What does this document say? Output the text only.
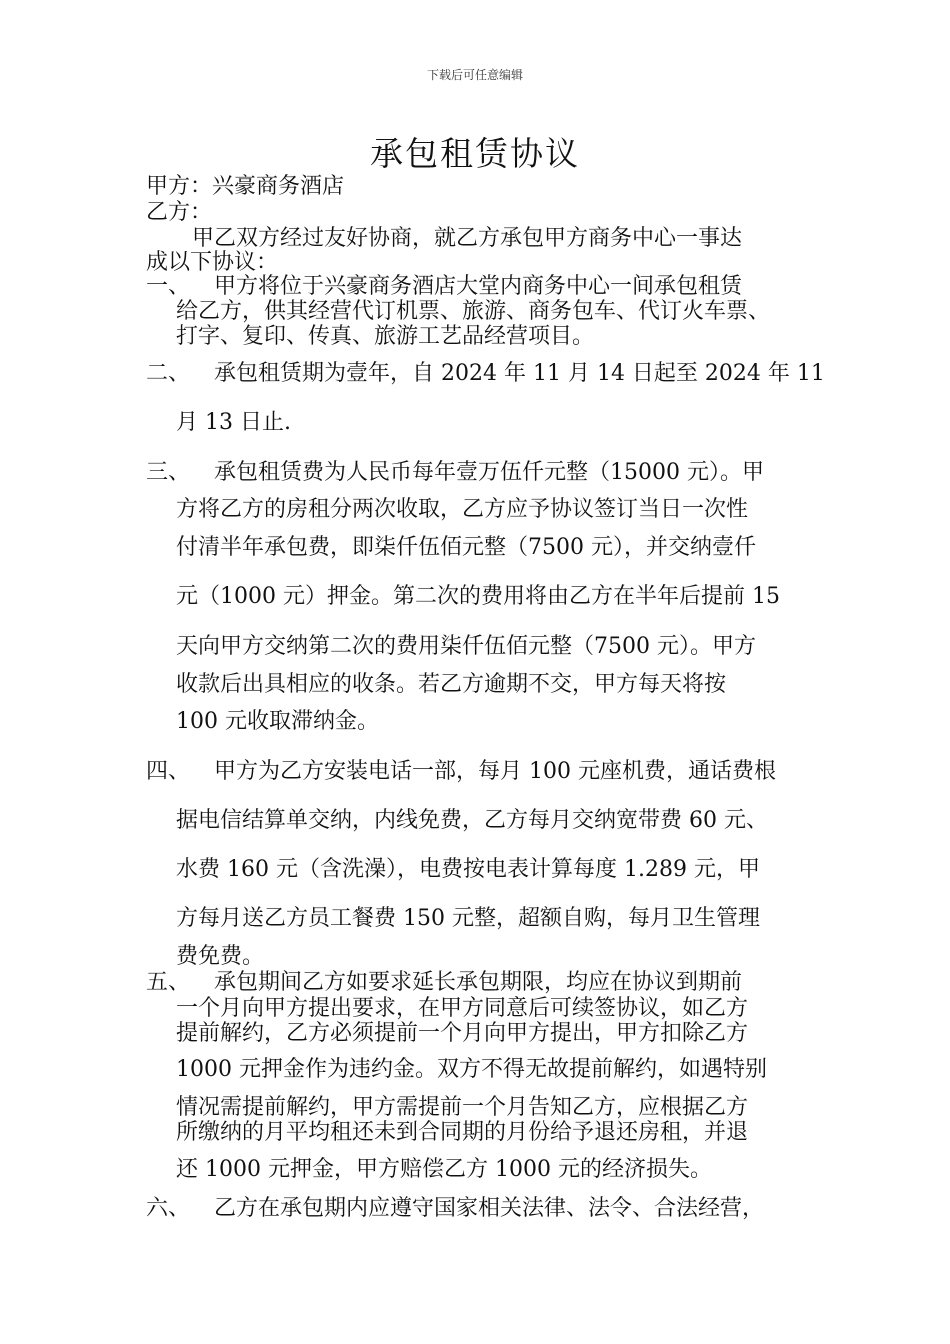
下载后可任意编辑
承包租赁协议
甲方：兴豪商务酒店
乙方：
甲乙双方经过友好协商，就乙方承包甲方商务中心一事达
成以下协议：
一、 甲方将位于兴豪商务酒店大堂内商务中心一间承包租赁
给乙方，供其经营代订机票、旅游、商务包车、代订火车票、
打字、复印、传真、旅游工艺品经营项目。
二、 承包租赁期为壹年，自 2024 年 11 月 14 日起至 2024 年 11
月 13 日止.
三、 承包租赁费为人民币每年壹万伍仟元整（15000 元）。甲
方将乙方的房租分两次收取，乙方应予协议签订当日一次性
付清半年承包费，即柒仟伍佰元整（7500 元），并交纳壹仟
元（1000 元）押金。第二次的费用将由乙方在半年后提前 15
天向甲方交纳第二次的费用柒仟伍佰元整（7500 元）。甲方
收款后出具相应的收条。若乙方逾期不交，甲方每天将按
100 元收取滞纳金。
四、 甲方为乙方安装电话一部，每月 100 元座机费，通话费根
据电信结算单交纳，内线免费，乙方每月交纳宽带费 60 元、
水费 160 元（含洗澡），电费按电表计算每度 1.289 元，甲
方每月送乙方员工餐费 150 元整，超额自购，每月卫生管理
费免费。
五、 承包期间乙方如要求延长承包期限，均应在协议到期前
一个月向甲方提出要求，在甲方同意后可续签协议，如乙方
提前解约，乙方必须提前一个月向甲方提出，甲方扣除乙方
1000 元押金作为违约金。双方不得无故提前解约，如遇特别
情况需提前解约，甲方需提前一个月告知乙方，应根据乙方
所缴纳的月平均租还未到合同期的月份给予退还房租，并退
还 1000 元押金，甲方赔偿乙方 1000 元的经济损失。
六、 乙方在承包期内应遵守国家相关法律、法令、合法经营，
